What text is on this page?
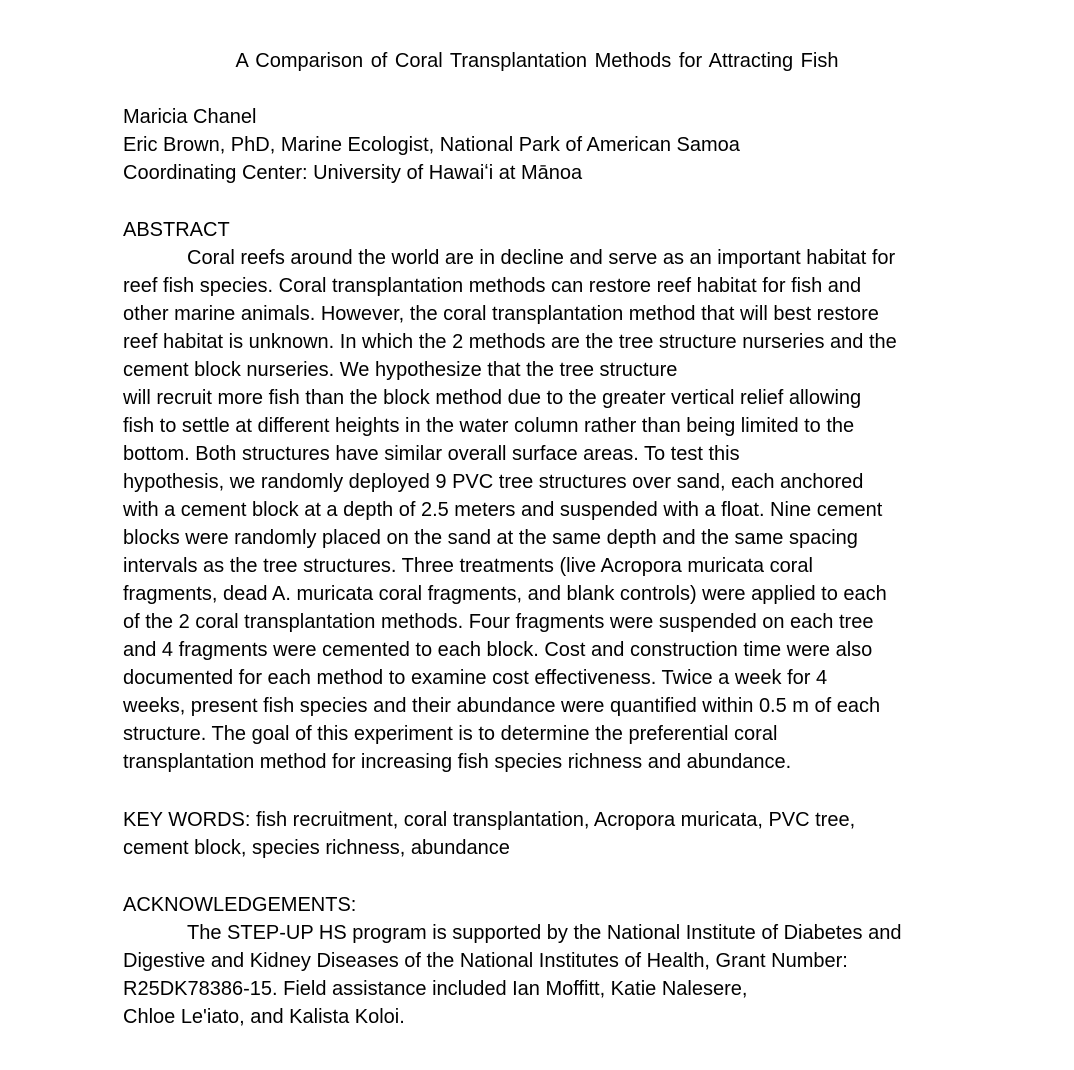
A Comparison of Coral Transplantation Methods for Attracting Fish
Maricia Chanel
Eric Brown, PhD, Marine Ecologist, National Park of American Samoa
Coordinating Center: University of Hawaiʻi at Mānoa
ABSTRACT
Coral reefs around the world are in decline and serve as an important habitat for
reef fish species. Coral transplantation methods can restore reef habitat for fish and
other marine animals. However, the coral transplantation method that will best restore
reef habitat is unknown. In which the 2 methods are the tree structure nurseries and the
cement block nurseries. We hypothesize that the tree structure
will recruit more fish than the block method due to the greater vertical relief allowing
fish to settle at different heights in the water column rather than being limited to the
bottom. Both structures have similar overall surface areas. To test this
hypothesis, we randomly deployed 9 PVC tree structures over sand, each anchored
with a cement block at a depth of 2.5 meters and suspended with a float. Nine cement
blocks were randomly placed on the sand at the same depth and the same spacing
intervals as the tree structures. Three treatments (live Acropora muricata coral
fragments, dead A. muricata coral fragments, and blank controls) were applied to each
of the 2 coral transplantation methods. Four fragments were suspended on each tree
and 4 fragments were cemented to each block. Cost and construction time were also
documented for each method to examine cost effectiveness. Twice a week for 4
weeks, present fish species and their abundance were quantified within 0.5 m of each
structure. The goal of this experiment is to determine the preferential coral
transplantation method for increasing fish species richness and abundance.
KEY WORDS: fish recruitment, coral transplantation, Acropora muricata, PVC tree,
cement block, species richness, abundance
ACKNOWLEDGEMENTS:
The STEP-UP HS program is supported by the National Institute of Diabetes and
Digestive and Kidney Diseases of the National Institutes of Health, Grant Number:
R25DK78386-15. Field assistance included Ian Moffitt, Katie Nalesere,
Chloe Le'iato, and Kalista Koloi.
